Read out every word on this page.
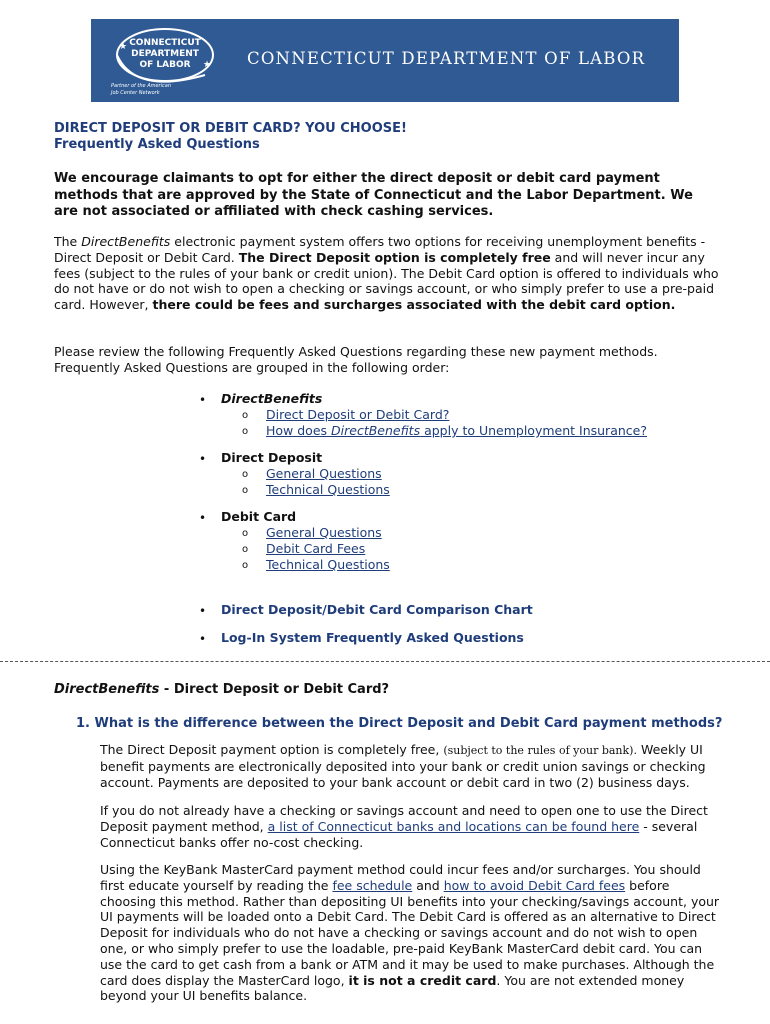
CONNECTICUT
DEPARTMENT
OF LABOR
★
★
Partner of the American
Job Center Network
CONNECTICUT DEPARTMENT OF LABOR
DIRECT DEPOSIT OR DEBIT CARD? YOU CHOOSE!
Frequently Asked Questions
We encourage claimants to opt for either the direct deposit or debit card payment methods that are approved by the State of Connecticut and the Labor Department. We are not associated or affiliated with check cashing services.
The DirectBenefits electronic payment system offers two options for receiving unemployment benefits - Direct Deposit or Debit Card. The Direct Deposit option is completely free and will never incur any fees (subject to the rules of your bank or credit union). The Debit Card option is offered to individuals who do not have or do not wish to open a checking or savings account, or who simply prefer to use a pre-paid card. However, there could be fees and surcharges associated with the debit card option.
Please review the following Frequently Asked Questions regarding these new payment methods. Frequently Asked Questions are grouped in the following order:
• DirectBenefits
o Direct Deposit or Debit Card?
o How does DirectBenefits apply to Unemployment Insurance?
• Direct Deposit
o General Questions
o Technical Questions
• Debit Card
o General Questions
o Debit Card Fees
o Technical Questions
• Direct Deposit/Debit Card Comparison Chart
• Log-In System Frequently Asked Questions
DirectBenefits - Direct Deposit or Debit Card?
1. What is the difference between the Direct Deposit and Debit Card payment methods?
The Direct Deposit payment option is completely free, (subject to the rules of your bank). Weekly UI benefit payments are electronically deposited into your bank or credit union savings or checking account. Payments are deposited to your bank account or debit card in two (2) business days.
If you do not already have a checking or savings account and need to open one to use the Direct Deposit payment method, a list of Connecticut banks and locations can be found here - several Connecticut banks offer no-cost checking.
Using the KeyBank MasterCard payment method could incur fees and/or surcharges. You should first educate yourself by reading the fee schedule and how to avoid Debit Card fees before choosing this method. Rather than depositing UI benefits into your checking/savings account, your UI payments will be loaded onto a Debit Card. The Debit Card is offered as an alternative to Direct Deposit for individuals who do not have a checking or savings account and do not wish to open one, or who simply prefer to use the loadable, pre-paid KeyBank MasterCard debit card. You can use the card to get cash from a bank or ATM and it may be used to make purchases. Although the card does display the MasterCard logo, it is not a credit card. You are not extended money beyond your UI benefits balance.
